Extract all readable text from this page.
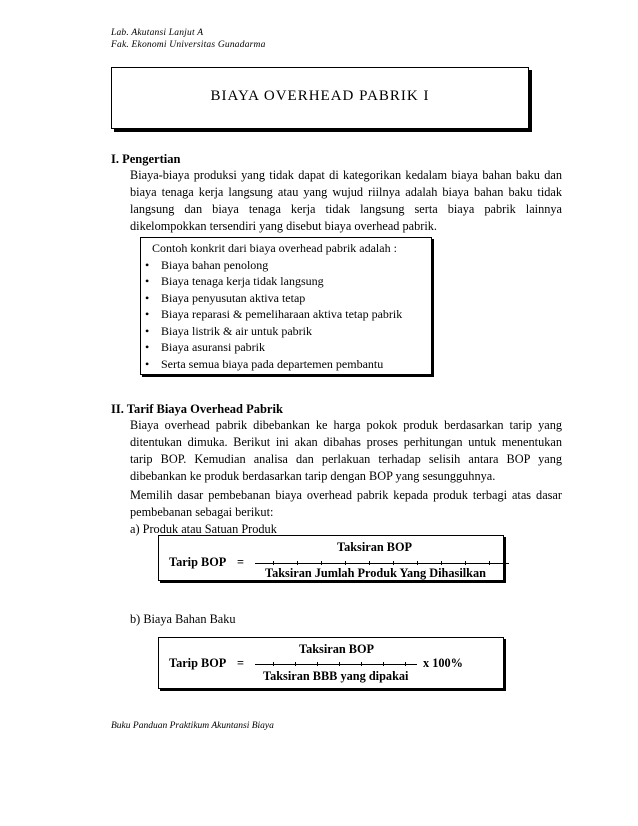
Lab. Akutansi Lanjut A
Fak. Ekonomi Universitas Gunadarma
BIAYA OVERHEAD PABRIK I
I. Pengertian
Biaya-biaya produksi yang tidak dapat di kategorikan kedalam biaya bahan baku dan
biaya tenaga kerja langsung atau yang wujud riilnya adalah biaya bahan baku tidak
langsung dan biaya tenaga kerja tidak langsung serta biaya pabrik lainnya
dikelompokkan tersendiri yang disebut biaya overhead pabrik.
Contoh konkrit dari biaya overhead pabrik adalah :
• Biaya bahan penolong
• Biaya tenaga kerja tidak langsung
• Biaya penyusutan aktiva tetap
• Biaya reparasi & pemeliharaan aktiva tetap pabrik
• Biaya listrik & air untuk pabrik
• Biaya asuransi pabrik
• Serta semua biaya pada departemen pembantu
II. Tarif Biaya Overhead Pabrik
Biaya overhead pabrik dibebankan ke harga pokok produk berdasarkan tarip yang
ditentukan dimuka. Berikut ini akan dibahas proses perhitungan untuk menentukan
tarip BOP. Kemudian analisa dan perlakuan terhadap selisih antara BOP yang
dibebankan ke produk berdasarkan tarip dengan BOP yang sesungguhnya.
Memilih dasar pembebanan biaya overhead pabrik kepada produk terbagi atas dasar
pembebanan sebagai berikut:
a) Produk atau Satuan Produk
Taksiran BOP
Tarip BOP =
Taksiran Jumlah Produk Yang Dihasilkan
b) Biaya Bahan Baku
Taksiran BOP
Tarip BOP =	x 100%
Taksiran BBB yang dipakai
Buku Panduan Praktikum Akuntansi Biaya
